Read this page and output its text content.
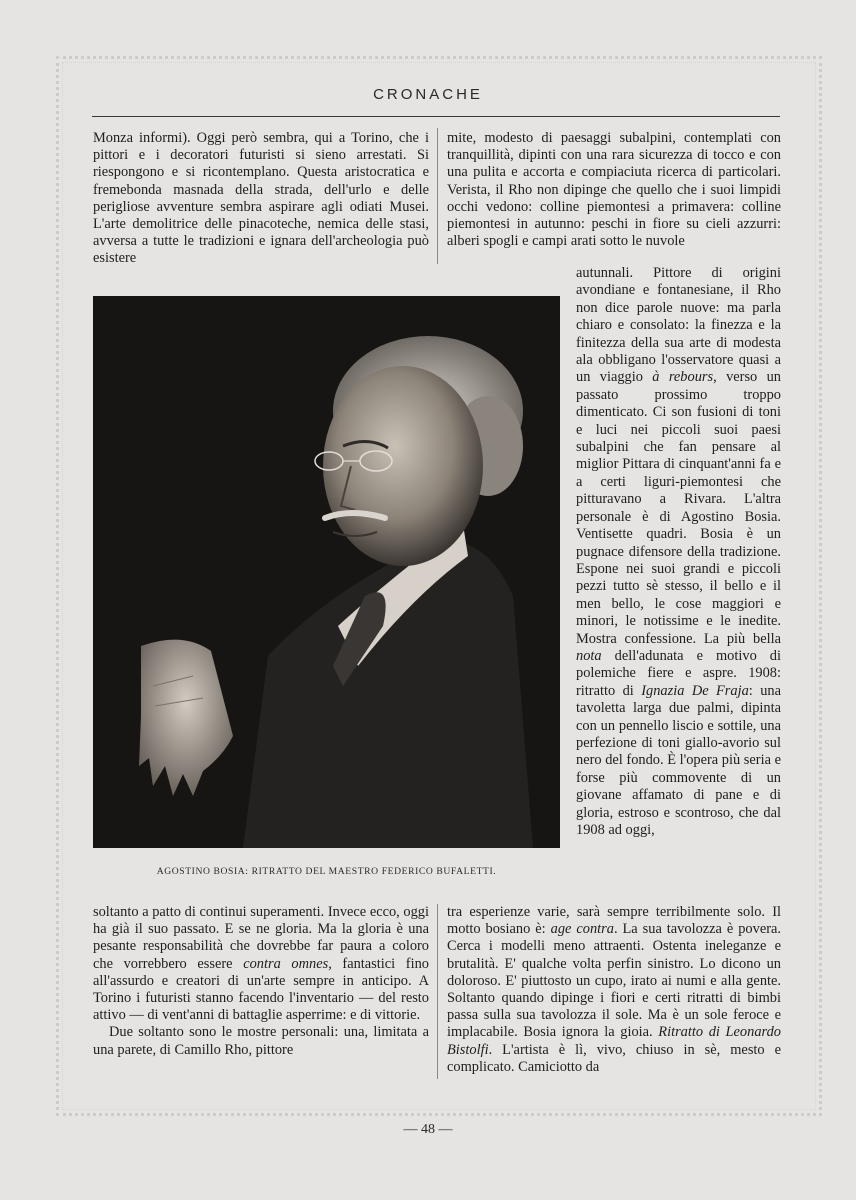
CRONACHE

Monza informi). Oggi però sembra, qui a Torino, che i pittori e i decoratori futuristi si sieno arrestati. Si riespongono e si ricontemplano. Questa aristocratica e fremebonda masnada della strada, dell'urlo e delle perigliose avventure sembra aspirare agli odiati Musei. L'arte demolitrice delle pinacoteche, nemica delle stasi, avversa a tutte le tradizioni e ignara dell'archeologia può esistere

mite, modesto di paesaggi subalpini, contemplati con tranquillità, dipinti con una rara sicurezza di tocco e con una pulita e accorta e compiaciuta ricerca di particolari. Verista, il Rho non dipinge che quello che i suoi limpidi occhi vedono: colline piemontesi a primavera: colline piemontesi in autunno: peschi in fiore su cieli azzurri: alberi spogli e campi arati sotto le nuvole

autunnali. Pittore di origini avondiane e fontanesiane, il Rho non dice parole nuove: ma parla chiaro e consolato: la finezza e la finitezza della sua arte di modesta ala obbligano l'osservatore quasi a un viaggio à rebours, verso un passato prossimo troppo dimenticato. Ci son fusioni di toni e luci nei piccoli suoi paesi subalpini che fan pensare al miglior Pittara di cinquant'anni fa e a certi liguri-piemontesi che pitturavano a Rivara. L'altra personale è di Agostino Bosia. Ventisette quadri. Bosia è un pugnace difensore della tradizione. Espone nei suoi grandi e piccoli pezzi tutto sè stesso, il bello e il men bello, le cose maggiori e minori, le notissime e le inedite. Mostra confessione. La più bella nota dell'adunata e motivo di polemiche fiere e aspre. 1908: ritratto di Ignazia De Fraja: una tavoletta larga due palmi, dipinta con un pennello liscio e sottile, una perfezione di toni giallo-avorio sul nero del fondo. È l'opera più seria e forse più commovente di un giovane affamato di pane e di gloria, estroso e scontroso, che dal 1908 ad oggi,

AGOSTINO BOSIA: RITRATTO DEL MAESTRO FEDERICO BUFALETTI.

soltanto a patto di continui superamenti. Invece ecco, oggi ha già il suo passato. E se ne gloria. Ma la gloria è una pesante responsabilità che dovrebbe far paura a coloro che vorrebbero essere contra omnes, fantastici fino all'assurdo e creatori di un'arte sempre in anticipo. A Torino i futuristi stanno facendo l'inventario — del resto attivo — di vent'anni di battaglie asperrime: e di vittorie.

Due soltanto sono le mostre personali: una, limitata a una parete, di Camillo Rho, pittore

tra esperienze varie, sarà sempre terribilmente solo. Il motto bosiano è: age contra. La sua tavolozza è povera. Cerca i modelli meno attraenti. Ostenta ineleganze e brutalità. E' qualche volta perfin sinistro. Lo dicono un doloroso. E' piuttosto un cupo, irato ai numi e alla gente. Soltanto quando dipinge i fiori e certi ritratti di bimbi passa sulla sua tavolozza il sole. Ma è un sole feroce e implacabile. Bosia ignora la gioia. Ritratto di Leonardo Bistolfi. L'artista è lì, vivo, chiuso in sè, mesto e complicato. Camiciotto da

— 48 —
